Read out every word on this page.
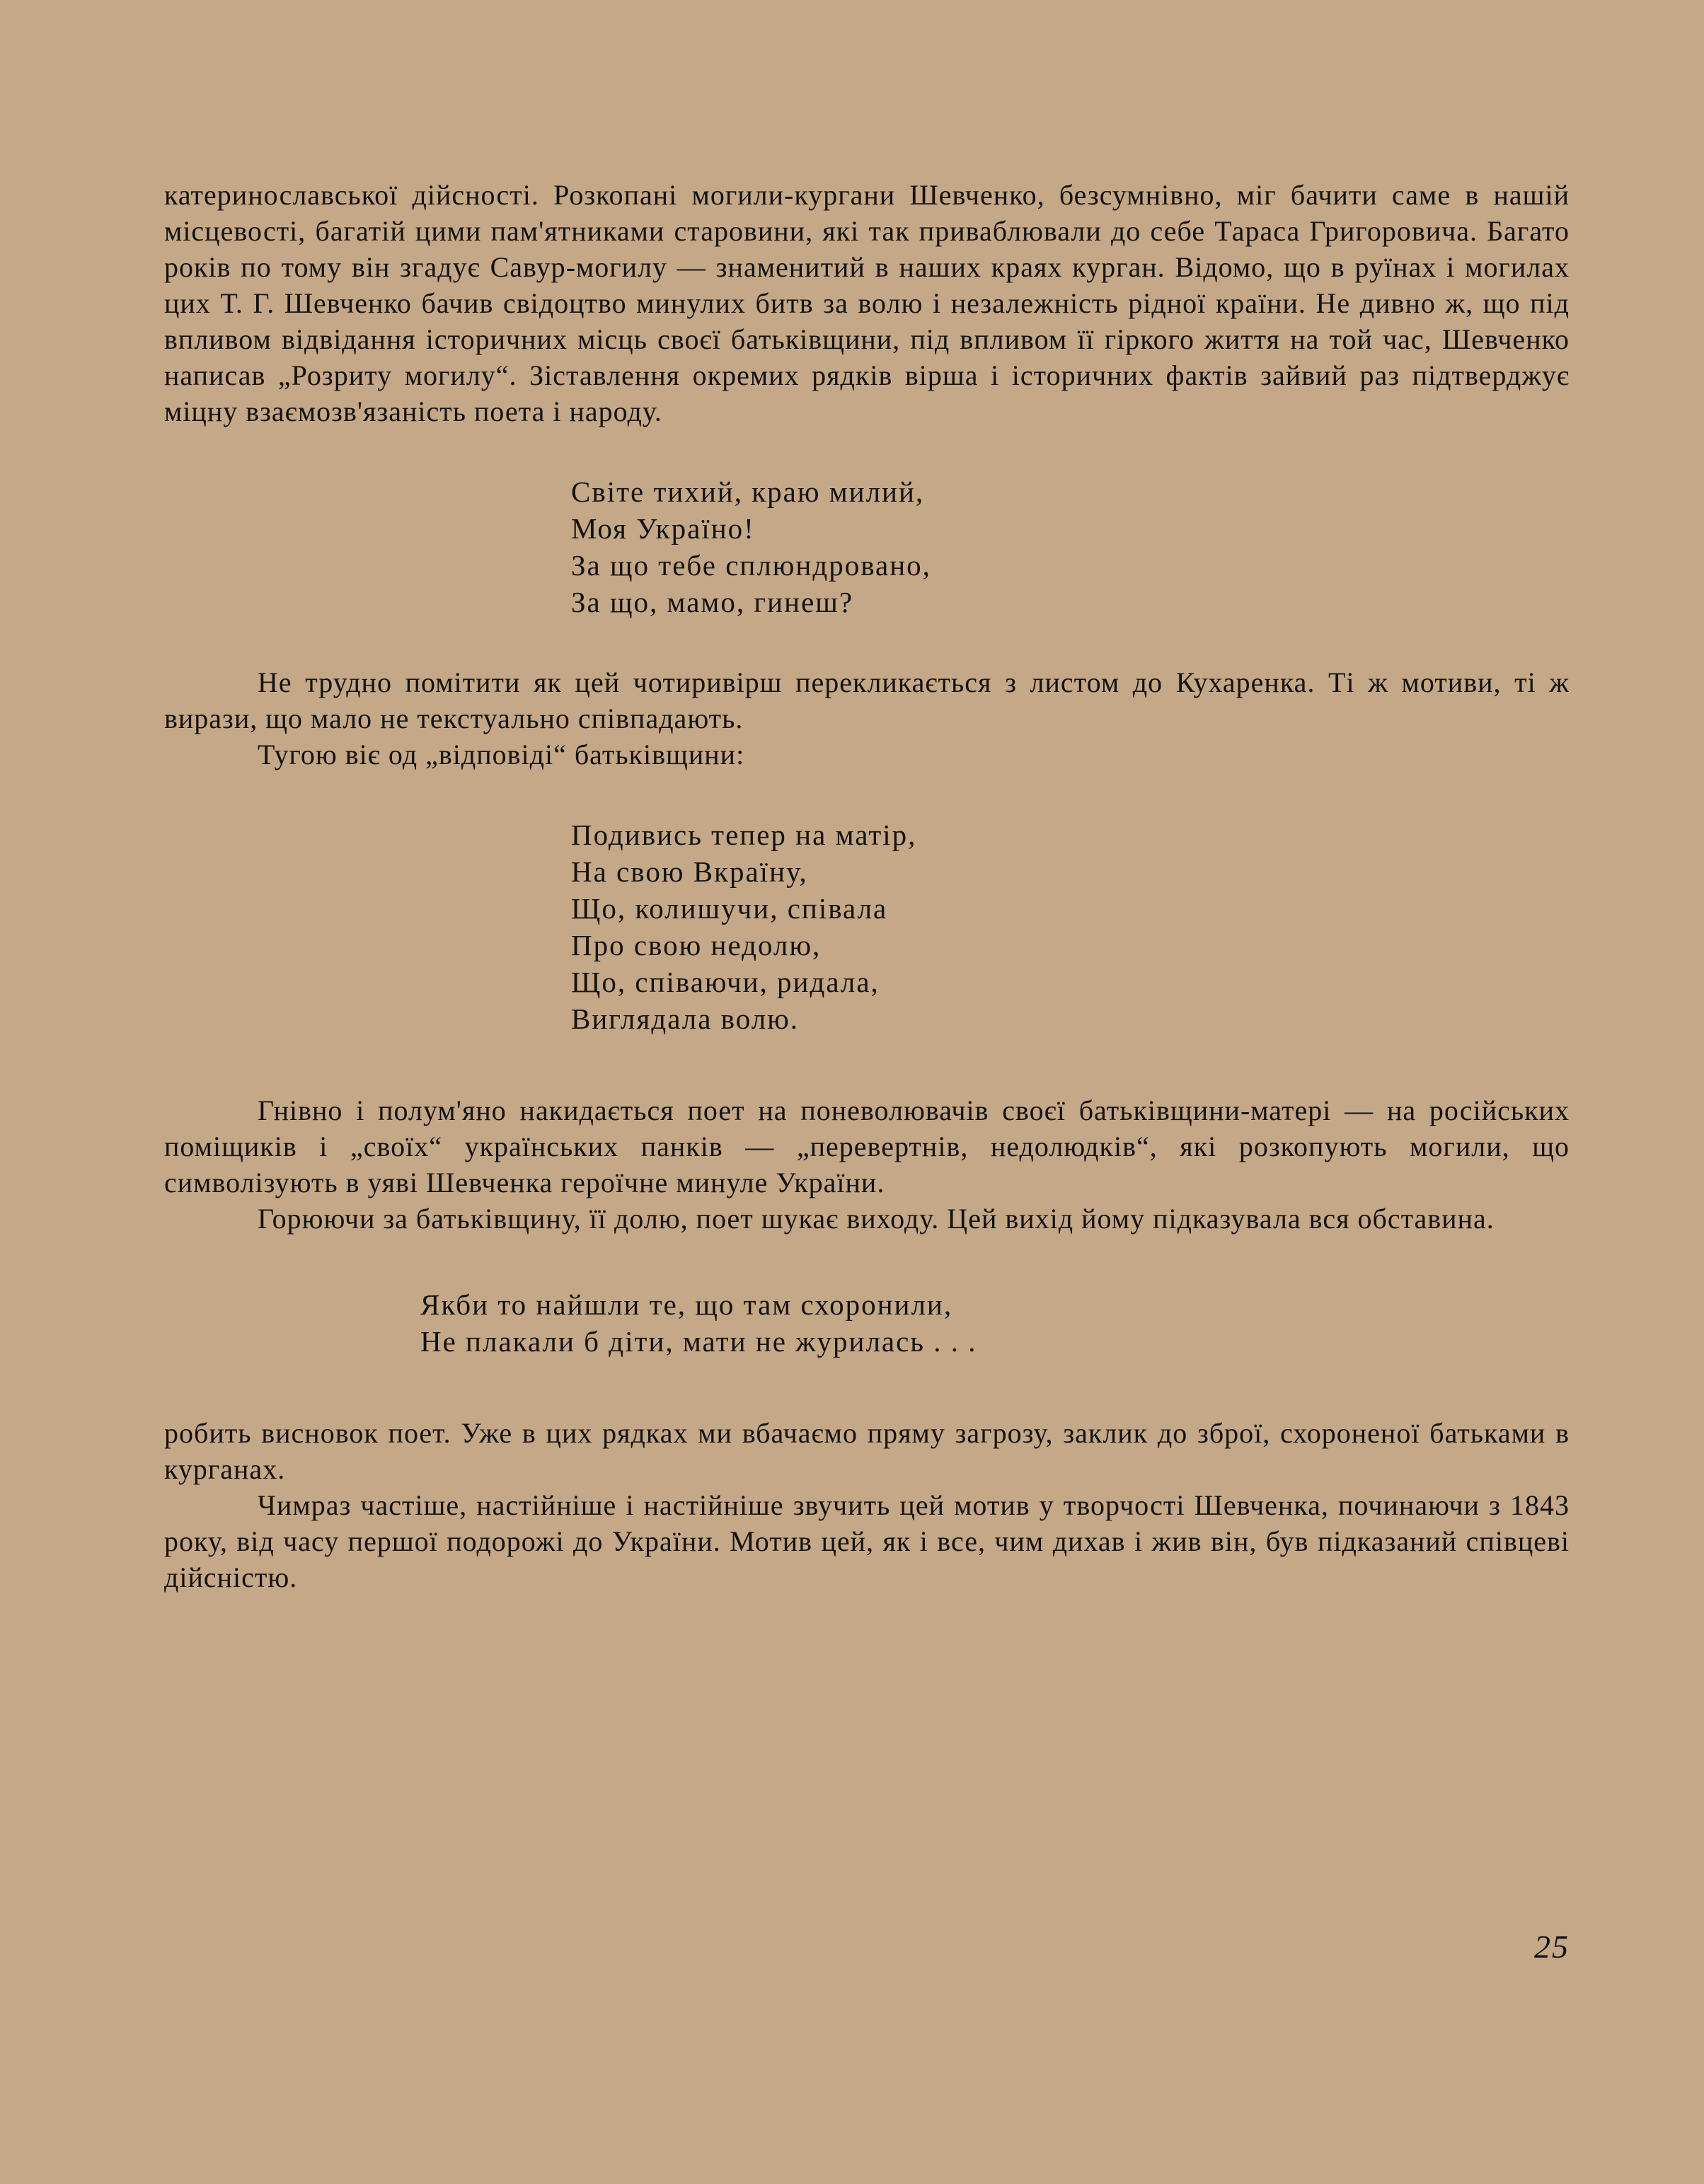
катеринославської дійсності. Розкопані могили-кургани Шевченко, безсумнівно, міг бачити саме в нашій місцевості, багатій цими пам'ятниками старовини, які так приваблювали до себе Тараса Григоровича. Багато років по тому він згадує Савур-могилу — знаменитий в наших краях курган. Відомо, що в руїнах і могилах цих Т. Г. Шевченко бачив свідоцтво минулих битв за волю і незалежність рідної країни. Не дивно ж, що під впливом відвідання історичних місць своєї батьківщини, під впливом її гіркого життя на той час, Шевченко написав „Розриту могилу“. Зіставлення окремих рядків вірша і історичних фактів зайвий раз підтверджує міцну взаємозв'язаність поета і народу.

Світе тихий, краю милий,
Моя Україно!
За що тебе сплюндровано,
За що, мамо, гинеш?

Не трудно помітити як цей чотиривірш перекликається з листом до Кухаренка. Ті ж мотиви, ті ж вирази, що мало не текстуально співпадають.

Тугою віє од „відповіді“ батьківщини:

Подивись тепер на матір,
На свою Вкраїну,
Що, колишучи, співала
Про свою недолю,
Що, співаючи, ридала,
Виглядала волю.

Гнівно і полум'яно накидається поет на поневолювачів своєї батьківщини-матері — на російських поміщиків і „своїх“ українських панків — „перевертнів, недолюдків“, які розкопують могили, що символізують в уяві Шевченка героїчне минуле України.

Горюючи за батьківщину, її долю, поет шукає виходу. Цей вихід йому підказувала вся обставина.

Якби то найшли те, що там схоронили,
Не плакали б діти, мати не журилась . . .

робить висновок поет. Уже в цих рядках ми вбачаємо пряму загрозу, заклик до зброї, схороненої батьками в курганах.

Чимраз частіше, настійніше і настійніше звучить цей мотив у творчості Шевченка, починаючи з 1843 року, від часу першої подорожі до України. Мотив цей, як і все, чим дихав і жив він, був підказаний співцеві дійсністю.

25
